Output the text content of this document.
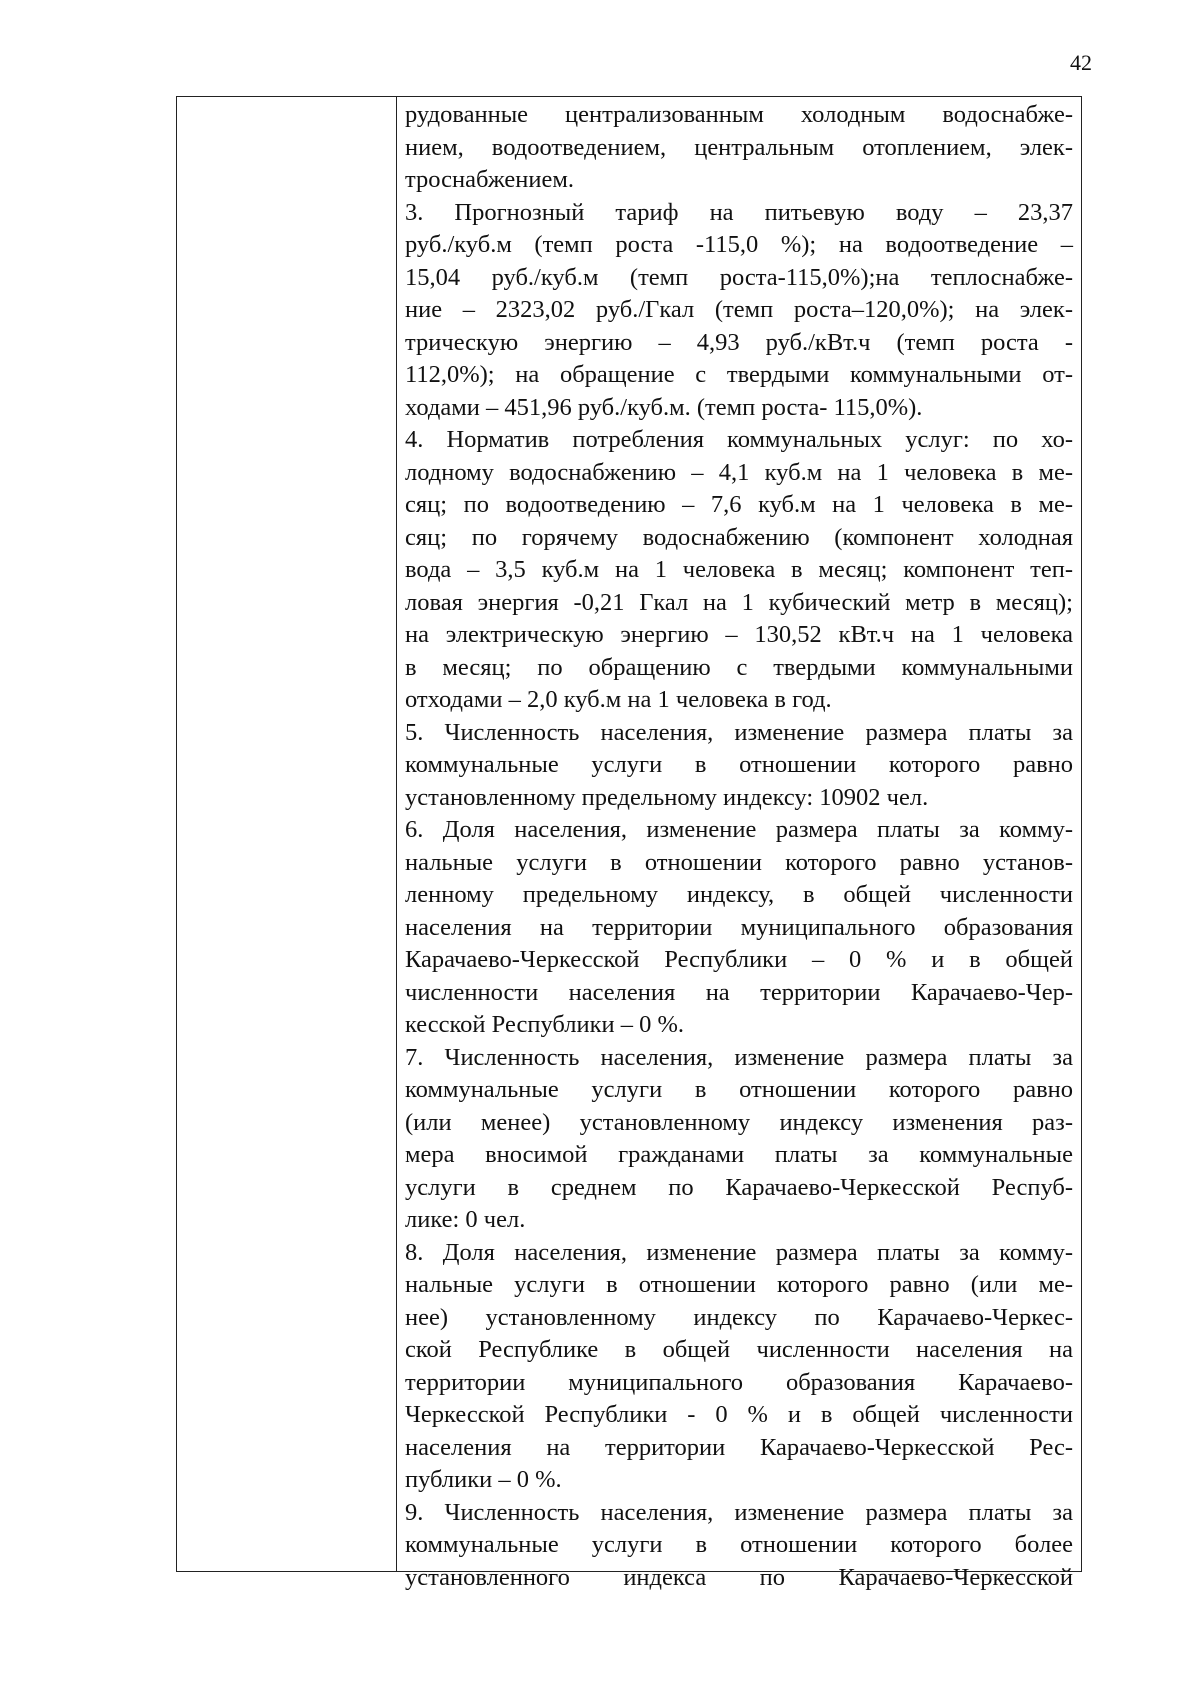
42
рудованные централизованным холодным водоснабже-
нием, водоотведением, центральным отоплением, элек-
троснабжением.
3. Прогнозный тариф на питьевую воду – 23,37
руб./куб.м (темп роста -115,0 %); на водоотведение –
15,04 руб./куб.м (темп роста-115,0%);на теплоснабже-
ние – 2323,02 руб./Гкал (темп роста–120,0%); на элек-
трическую энергию – 4,93 руб./кВт.ч (темп роста -
112,0%); на обращение с твердыми коммунальными от-
ходами – 451,96 руб./куб.м. (темп роста- 115,0%).
4. Норматив потребления коммунальных услуг: по хо-
лодному водоснабжению – 4,1 куб.м на 1 человека в ме-
сяц; по водоотведению – 7,6 куб.м на 1 человека в ме-
сяц; по горячему водоснабжению (компонент холодная
вода – 3,5 куб.м на 1 человека в месяц; компонент теп-
ловая энергия -0,21 Гкал на 1 кубический метр в месяц);
на электрическую энергию – 130,52 кВт.ч на 1 человека
в месяц; по обращению с твердыми коммунальными
отходами – 2,0 куб.м на 1 человека в год.
5. Численность населения, изменение размера платы за
коммунальные услуги в отношении которого равно
установленному предельному индексу: 10902 чел.
6. Доля населения, изменение размера платы за комму-
нальные услуги в отношении которого равно установ-
ленному предельному индексу, в общей численности
населения на территории муниципального образования
Карачаево-Черкесской Республики – 0 % и в общей
численности населения на территории Карачаево-Чер-
кесской Республики – 0 %.
7. Численность населения, изменение размера платы за
коммунальные услуги в отношении которого равно
(или менее) установленному индексу изменения раз-
мера вносимой гражданами платы за коммунальные
услуги в среднем по Карачаево-Черкесской Респуб-
лике: 0 чел.
8. Доля населения, изменение размера платы за комму-
нальные услуги в отношении которого равно (или ме-
нее) установленному индексу по Карачаево-Черкес-
ской Республике в общей численности населения на
территории муниципального образования Карачаево-
Черкесской Республики - 0 % и в общей численности
населения на территории Карачаево-Черкесской Рес-
публики – 0 %.
9. Численность населения, изменение размера платы за
коммунальные услуги в отношении которого более
установленного индекса по Карачаево-Черкесской
